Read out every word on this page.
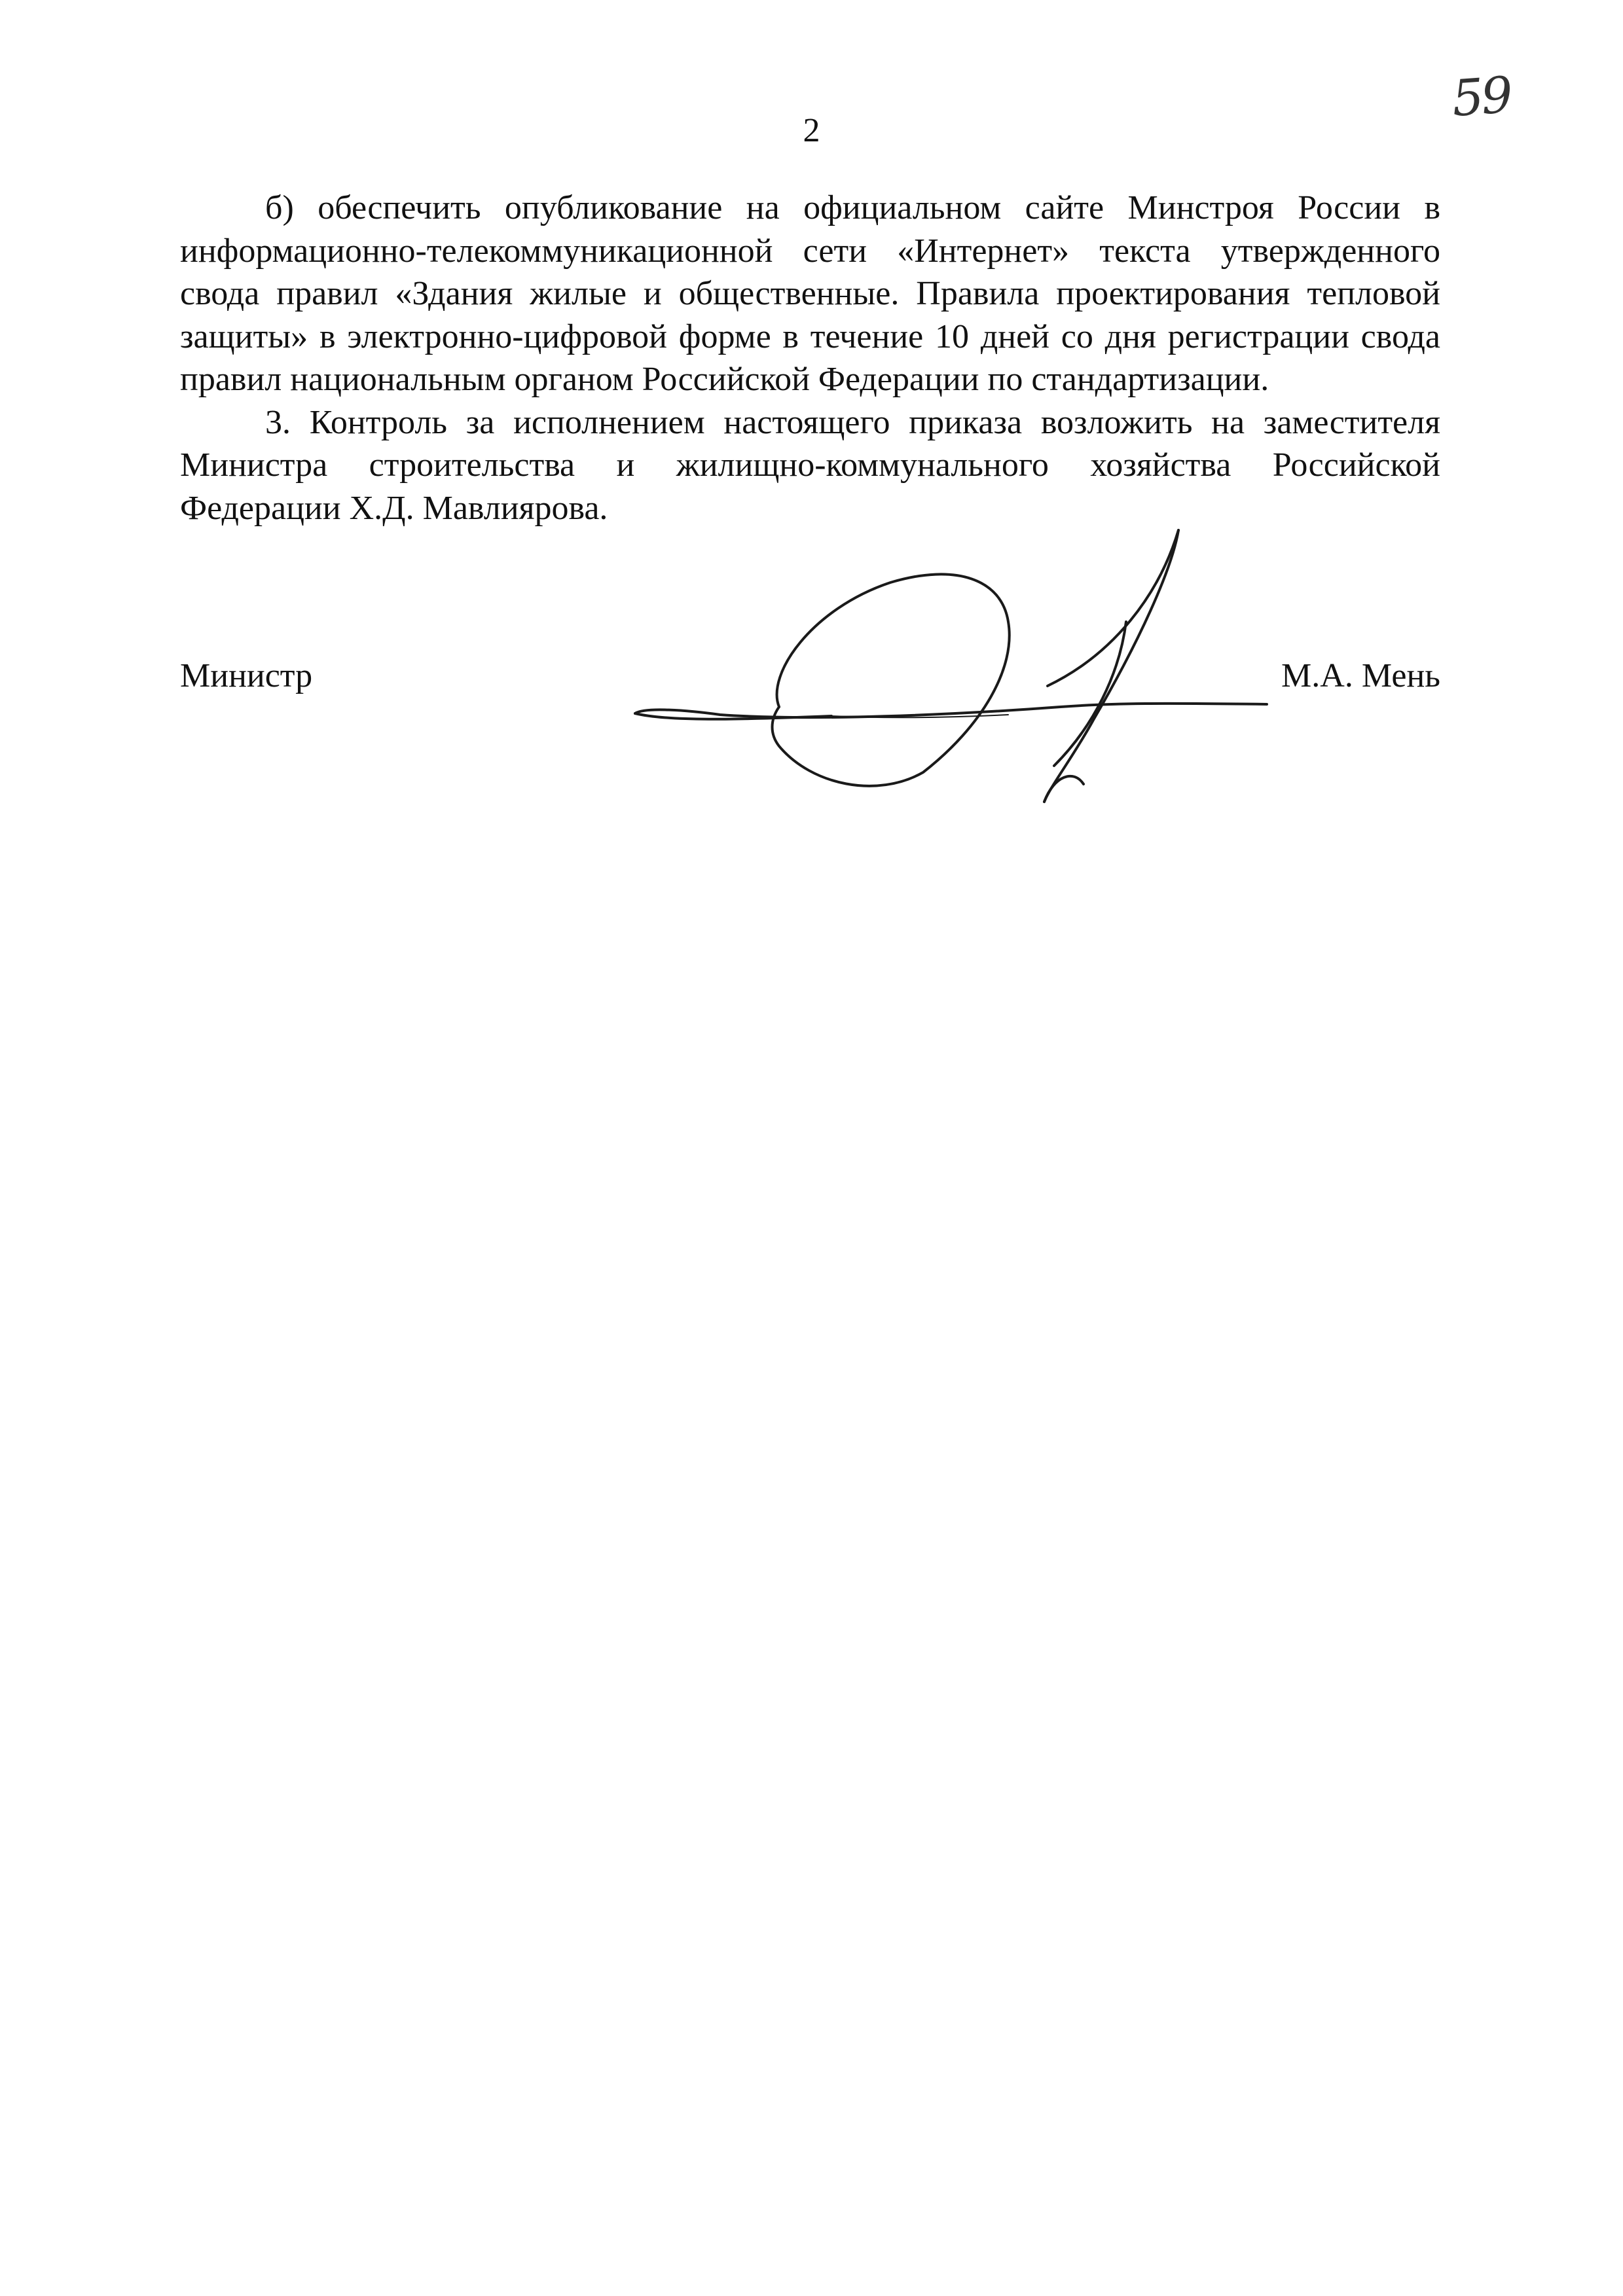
2
59

б) обеспечить опубликование на официальном сайте Минстроя России в информационно-телекоммуникационной сети «Интернет» текста утвержденного свода правил «Здания жилые и общественные. Правила проектирования тепловой защиты» в электронно-цифровой форме в течение 10 дней со дня регистрации свода правил национальным органом Российской Федерации по стандартизации.

3. Контроль за исполнением настоящего приказа возложить на заместителя Министра строительства и жилищно-коммунального хозяйства Российской Федерации Х.Д. Мавлиярова.

Министр	М.А. Мень
